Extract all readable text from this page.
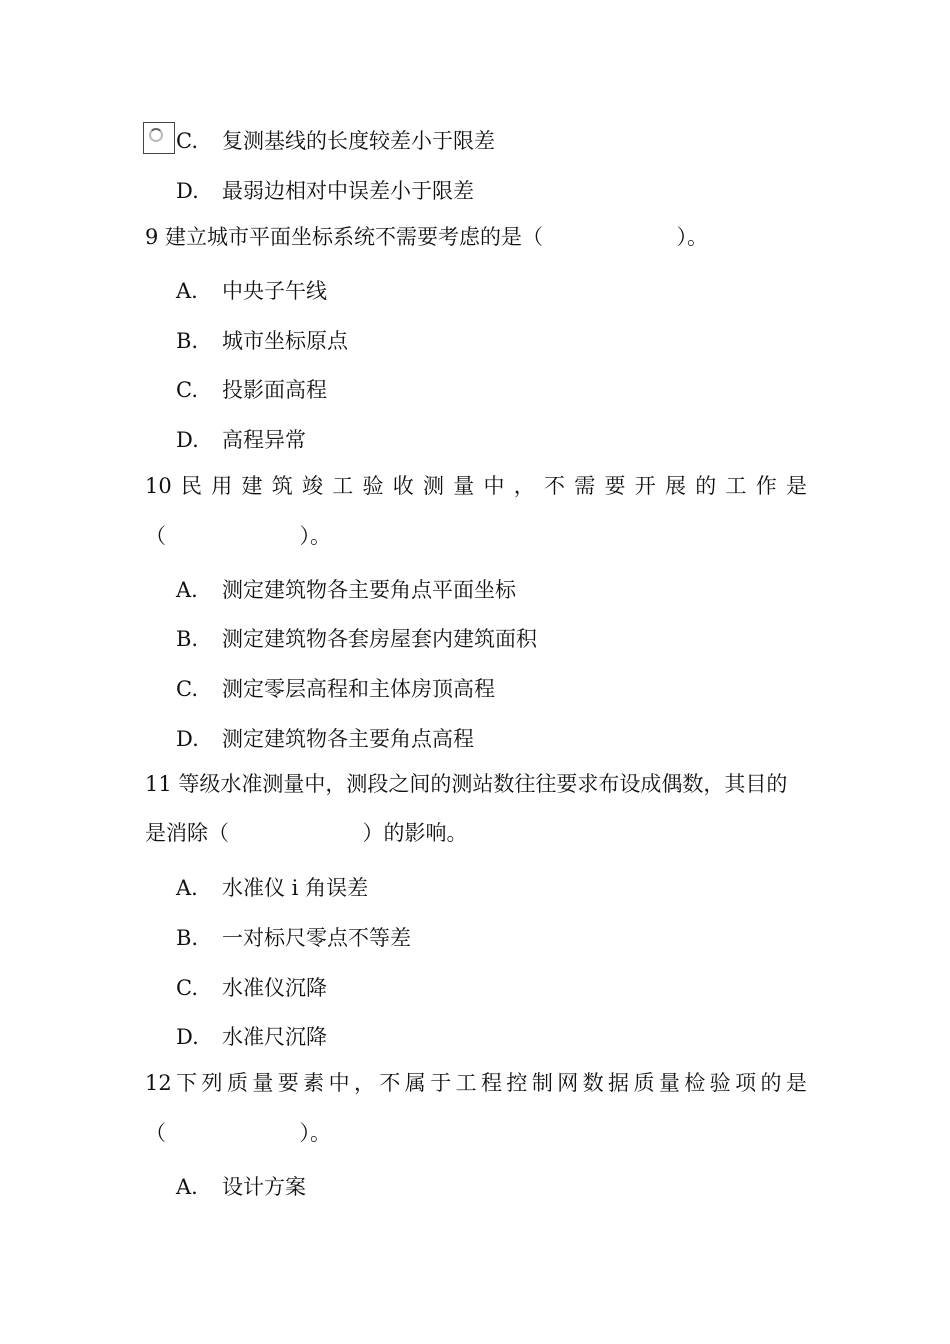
C. 复测基线的长度较差小于限差
D. 最弱边相对中误差小于限差
9 建立城市平面坐标系统不需要考虑的是（                    ）。
A. 中央子午线
B. 城市坐标原点
C. 投影面高程
D. 高程异常
10 民 用 建 筑 竣 工 验 收 测 量 中 ， 不 需 要 开 展 的 工 作 是
（                    ）。
A. 测定建筑物各主要角点平面坐标
B. 测定建筑物各套房屋套内建筑面积
C. 测定零层高程和主体房顶高程
D. 测定建筑物各主要角点高程
11 等级水准测量中，测段之间的测站数往往要求布设成偶数，其目的
是消除（                    ）的影响。
A. 水准仪 i 角误差
B. 一对标尺零点不等差
C. 水准仪沉降
D. 水准尺沉降
12 下 列 质 量 要 素 中 ， 不 属 于 工 程 控 制 网 数 据 质 量 检 验 项 的 是
（                    ）。
A. 设计方案
